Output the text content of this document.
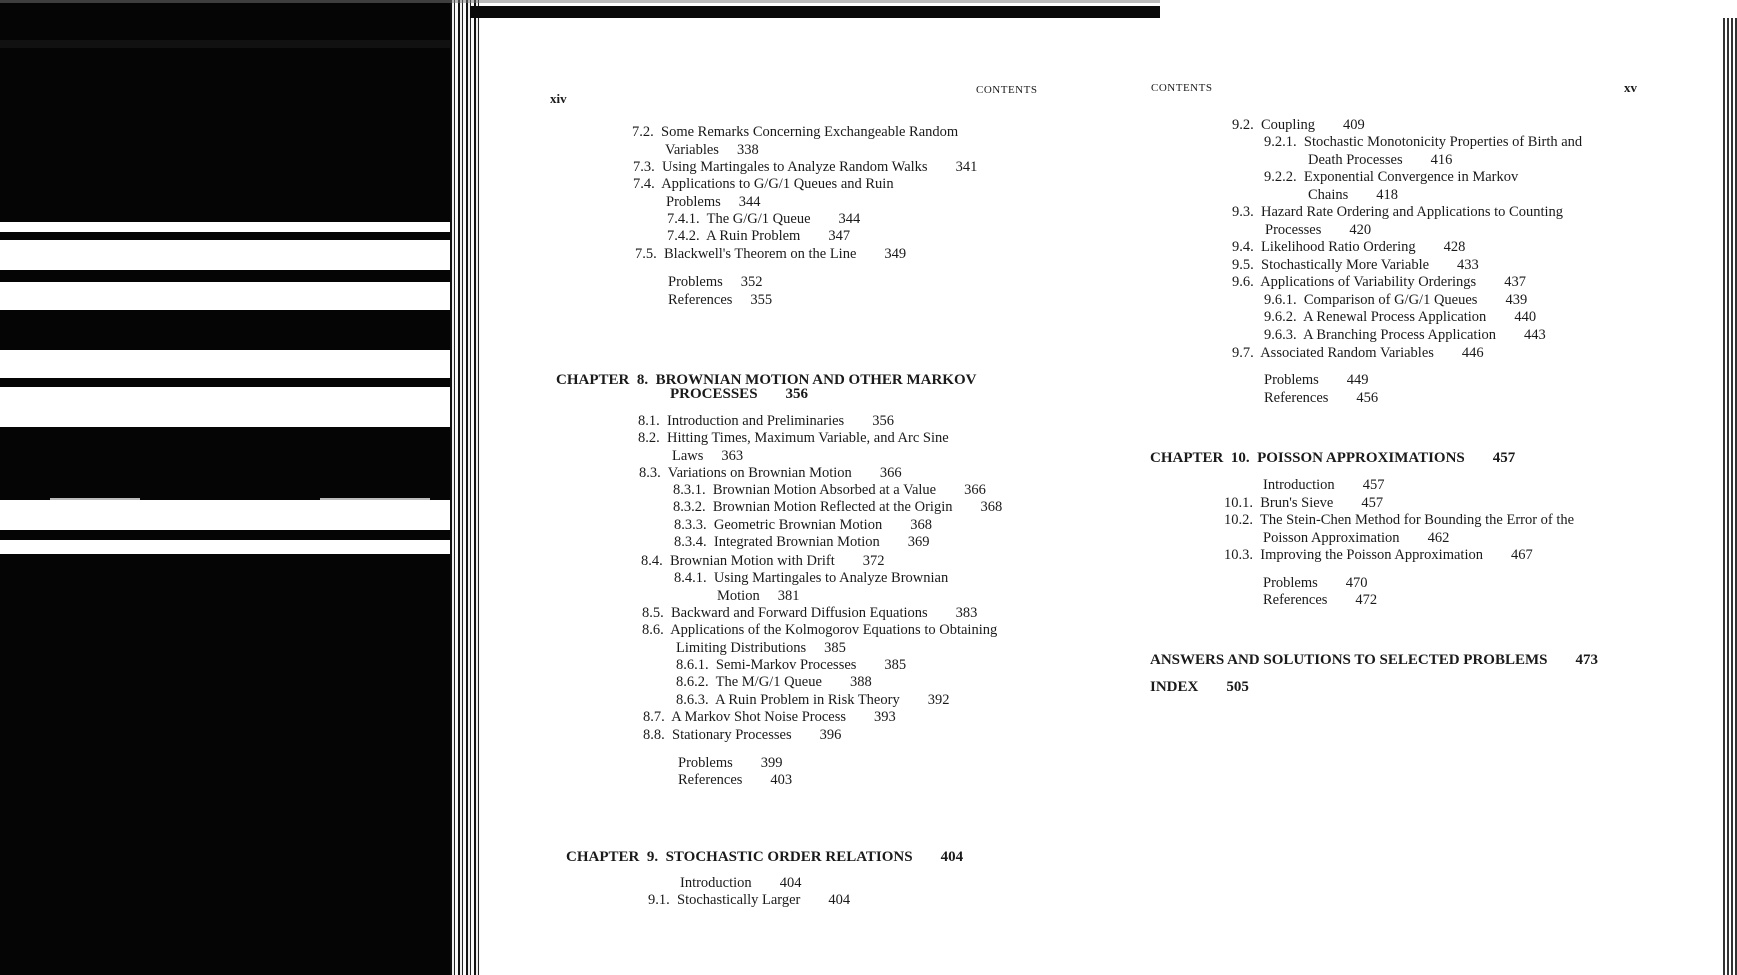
xiv
CONTENTS
7.2. Some Remarks Concerning Exchangeable Random
Variables 338
7.3. Using Martingales to Analyze Random Walks 341
7.4. Applications to G/G/1 Queues and Ruin
Problems 344
7.4.1. The G/G/1 Queue 344
7.4.2. A Ruin Problem 347
7.5. Blackwell's Theorem on the Line 349
Problems 352
References 355
CHAPTER 8. BROWNIAN MOTION AND OTHER MARKOV
PROCESSES 356
8.1. Introduction and Preliminaries 356
8.2. Hitting Times, Maximum Variable, and Arc Sine
Laws 363
8.3. Variations on Brownian Motion 366
8.3.1. Brownian Motion Absorbed at a Value 366
8.3.2. Brownian Motion Reflected at the Origin 368
8.3.3. Geometric Brownian Motion 368
8.3.4. Integrated Brownian Motion 369
8.4. Brownian Motion with Drift 372
8.4.1. Using Martingales to Analyze Brownian
Motion 381
8.5. Backward and Forward Diffusion Equations 383
8.6. Applications of the Kolmogorov Equations to Obtaining
Limiting Distributions 385
8.6.1. Semi-Markov Processes 385
8.6.2. The M/G/1 Queue 388
8.6.3. A Ruin Problem in Risk Theory 392
8.7. A Markov Shot Noise Process 393
8.8. Stationary Processes 396
Problems 399
References 403
CHAPTER 9. STOCHASTIC ORDER RELATIONS 404
Introduction 404
9.1. Stochastically Larger 404
CONTENTS	xv
9.2. Coupling 409
9.2.1. Stochastic Monotonicity Properties of Birth and
Death Processes 416
9.2.2. Exponential Convergence in Markov
Chains 418
9.3. Hazard Rate Ordering and Applications to Counting
Processes 420
9.4. Likelihood Ratio Ordering 428
9.5. Stochastically More Variable 433
9.6. Applications of Variability Orderings 437
9.6.1. Comparison of G/G/1 Queues 439
9.6.2. A Renewal Process Application 440
9.6.3. A Branching Process Application 443
9.7. Associated Random Variables 446
Problems 449
References 456
CHAPTER 10. POISSON APPROXIMATIONS 457
Introduction 457
10.1. Brun's Sieve 457
10.2. The Stein-Chen Method for Bounding the Error of the
Poisson Approximation 462
10.3. Improving the Poisson Approximation 467
Problems 470
References 472
ANSWERS AND SOLUTIONS TO SELECTED PROBLEMS 473
INDEX 505
